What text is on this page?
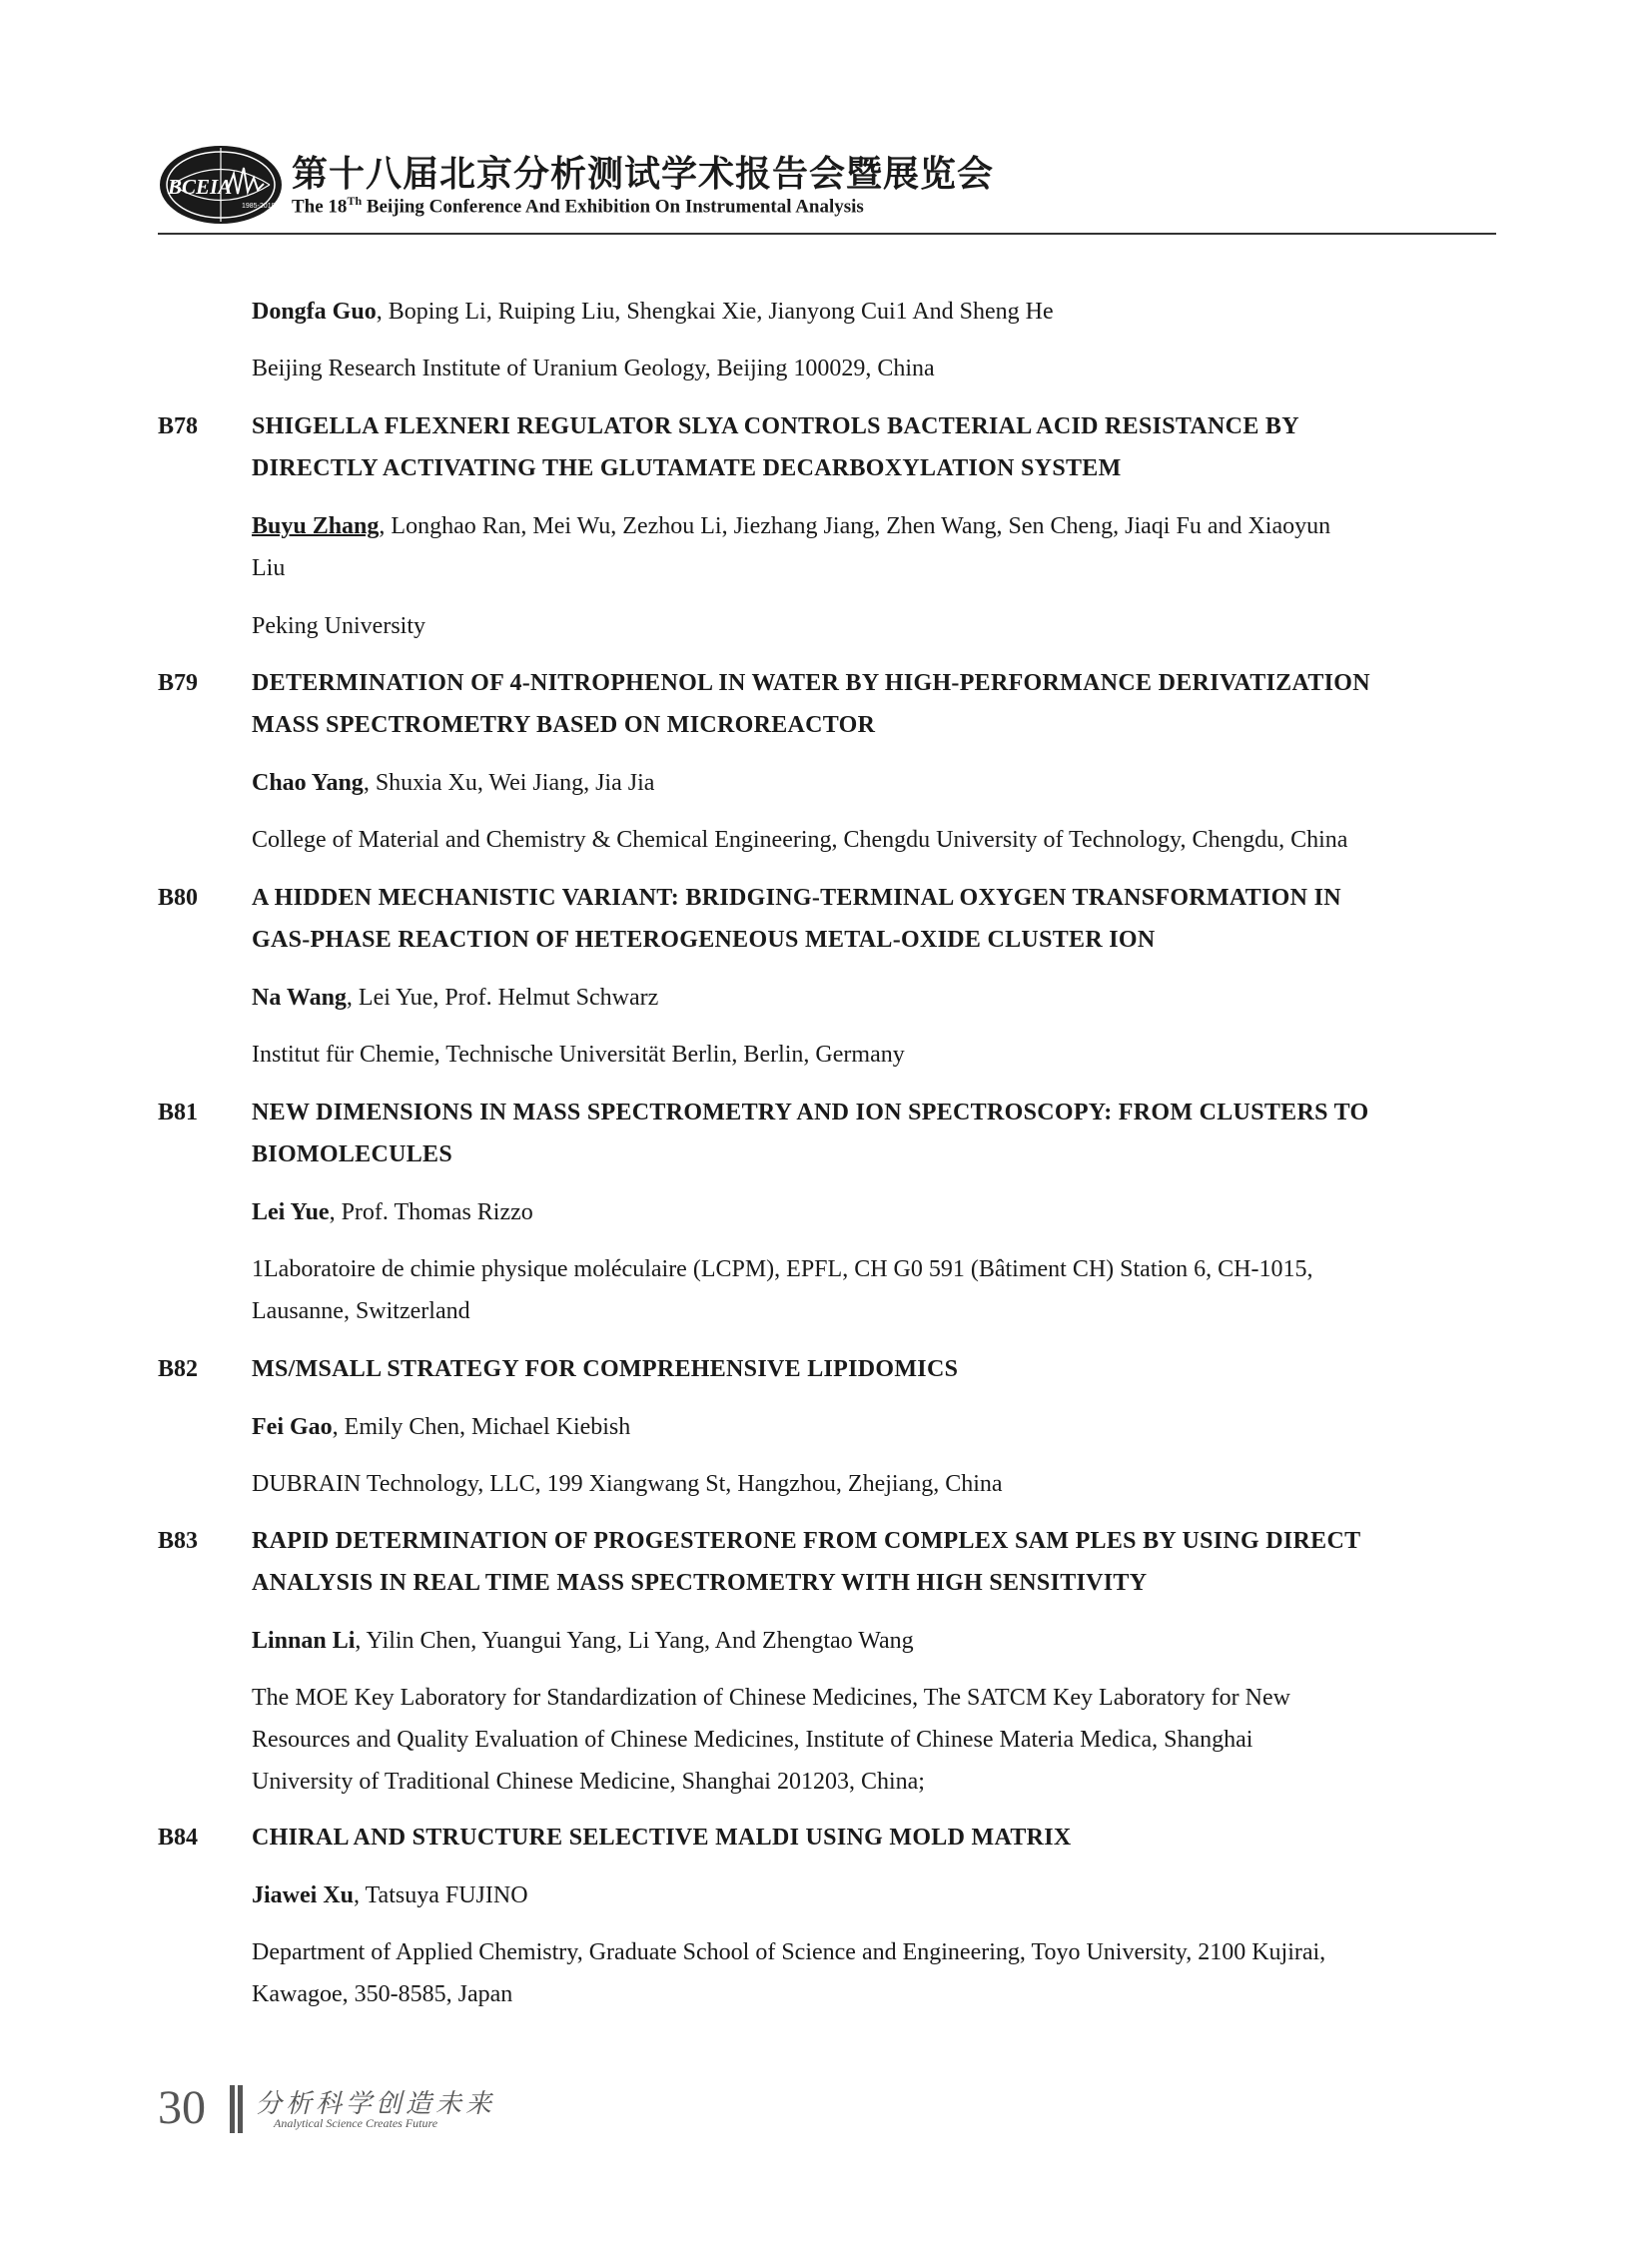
BCEIA
1985-2019
第十八届北京分析测试学术报告会暨展览会
The 18Th Beijing Conference And Exhibition On Instrumental Analysis
Dongfa Guo, Boping Li, Ruiping Liu, Shengkai Xie, Jianyong Cui1 And Sheng He
Beijing Research Institute of Uranium Geology, Beijing 100029, China
B78 SHIGELLA FLEXNERI REGULATOR SLYA CONTROLS BACTERIAL ACID RESISTANCE BY
DIRECTLY ACTIVATING THE GLUTAMATE DECARBOXYLATION SYSTEM
Buyu Zhang, Longhao Ran, Mei Wu, Zezhou Li, Jiezhang Jiang, Zhen Wang, Sen Cheng, Jiaqi Fu and Xiaoyun
Liu
Peking University
B79 DETERMINATION OF 4-NITROPHENOL IN WATER BY HIGH-PERFORMANCE DERIVATIZATION
MASS SPECTROMETRY BASED ON MICROREACTOR
Chao Yang, Shuxia Xu, Wei Jiang, Jia Jia
College of Material and Chemistry & Chemical Engineering, Chengdu University of Technology, Chengdu, China
B80 A HIDDEN MECHANISTIC VARIANT: BRIDGING-TERMINAL OXYGEN TRANSFORMATION IN
GAS-PHASE REACTION OF HETEROGENEOUS METAL-OXIDE CLUSTER ION
Na Wang, Lei Yue, Prof. Helmut Schwarz
Institut für Chemie, Technische Universität Berlin, Berlin, Germany
B81 NEW DIMENSIONS IN MASS SPECTROMETRY AND ION SPECTROSCOPY: FROM CLUSTERS TO
BIOMOLECULES
Lei Yue, Prof. Thomas Rizzo
1Laboratoire de chimie physique moléculaire (LCPM), EPFL, CH G0 591 (Bâtiment CH) Station 6, CH-1015,
Lausanne, Switzerland
B82 MS/MSALL STRATEGY FOR COMPREHENSIVE LIPIDOMICS
Fei Gao, Emily Chen, Michael Kiebish
DUBRAIN Technology, LLC, 199 Xiangwang St, Hangzhou, Zhejiang, China
B83 RAPID DETERMINATION OF PROGESTERONE FROM COMPLEX SAM PLES BY USING DIRECT
ANALYSIS IN REAL TIME MASS SPECTROMETRY WITH HIGH SENSITIVITY
Linnan Li, Yilin Chen, Yuangui Yang, Li Yang, And Zhengtao Wang
The MOE Key Laboratory for Standardization of Chinese Medicines, The SATCM Key Laboratory for New
Resources and Quality Evaluation of Chinese Medicines, Institute of Chinese Materia Medica, Shanghai
University of Traditional Chinese Medicine, Shanghai 201203, China;
B84 CHIRAL AND STRUCTURE SELECTIVE MALDI USING MOLD MATRIX
Jiawei Xu, Tatsuya FUJINO
Department of Applied Chemistry, Graduate School of Science and Engineering, Toyo University, 2100 Kujirai,
Kawagoe, 350-8585, Japan
30 分析科学创造未来
Analytical Science Creates Future
